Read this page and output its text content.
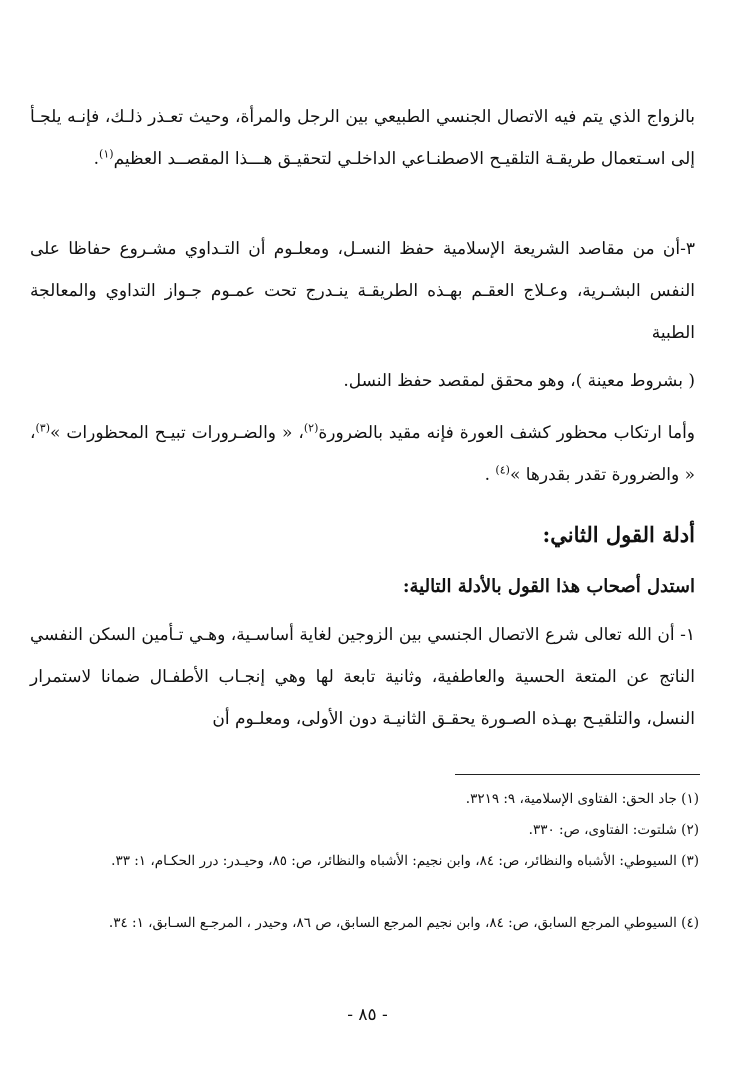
بالزواج الذي يتم فيه الاتصال الجنسي الطبيعي بين الرجل والمرأة، وحيث تعـذر ذلـك، فإنـه يلجـأ إلى اسـتعمال طريقـة التلقيـح الاصطنـاعي الداخلـي لتحقيـق هـــذا المقصــد العظيم$^{(١)}$.

٣-أن من مقاصد الشريعة الإسلامية حفظ النسـل، ومعلـوم أن التـداوي مشـروع حفاظا على النفس البشـرية، وعـلاج العقـم بهـذه الطريقـة ينـدرج تحت عمـوم جـواز التداوي والمعالجة الطبية

( بشروط معينة )، وهو محقق لمقصد حفظ النسل.

وأما ارتكاب محظور كشف العورة فإنه مقيد بالضرورة$^{(٢)}$، « والضـرورات تبيـح المحظورات »$^{(٣)}$، « والضرورة تقدر بقدرها »$^{(٤)}$ .

أدلة القول الثاني:
استدل أصحاب هذا القول بالأدلة التالية:

١- أن الله تعالى شرع الاتصال الجنسي بين الزوجين لغاية أساسـية، وهـي تـأمين السكن النفسي الناتج عن المتعة الحسية والعاطفية، وثانية تابعة لها وهي إنجـاب الأطفـال ضمانا لاستمرار النسل، والتلقيـح بهـذه الصـورة يحقـق الثانيـة دون الأولى، ومعلـوم أن

(١) جاد الحق: الفتاوى الإسلامية، ٩: ٣٢١٩.

(٢) شلتوت: الفتاوى، ص: ٣٣٠.

(٣) السيوطي: الأشباه والنظائر، ص: ٨٤، وابن نجيم: الأشباه والنظائر، ص: ٨٥، وحيـدر: درر الحكـام، ١: ٣٣.

(٤) السيوطي المرجع السابق، ص: ٨٤، وابن نجيم المرجع السابق، ص ٨٦، وحيدر ، المرجـع السـابق، ١: ٣٤.

- ٨٥ -
